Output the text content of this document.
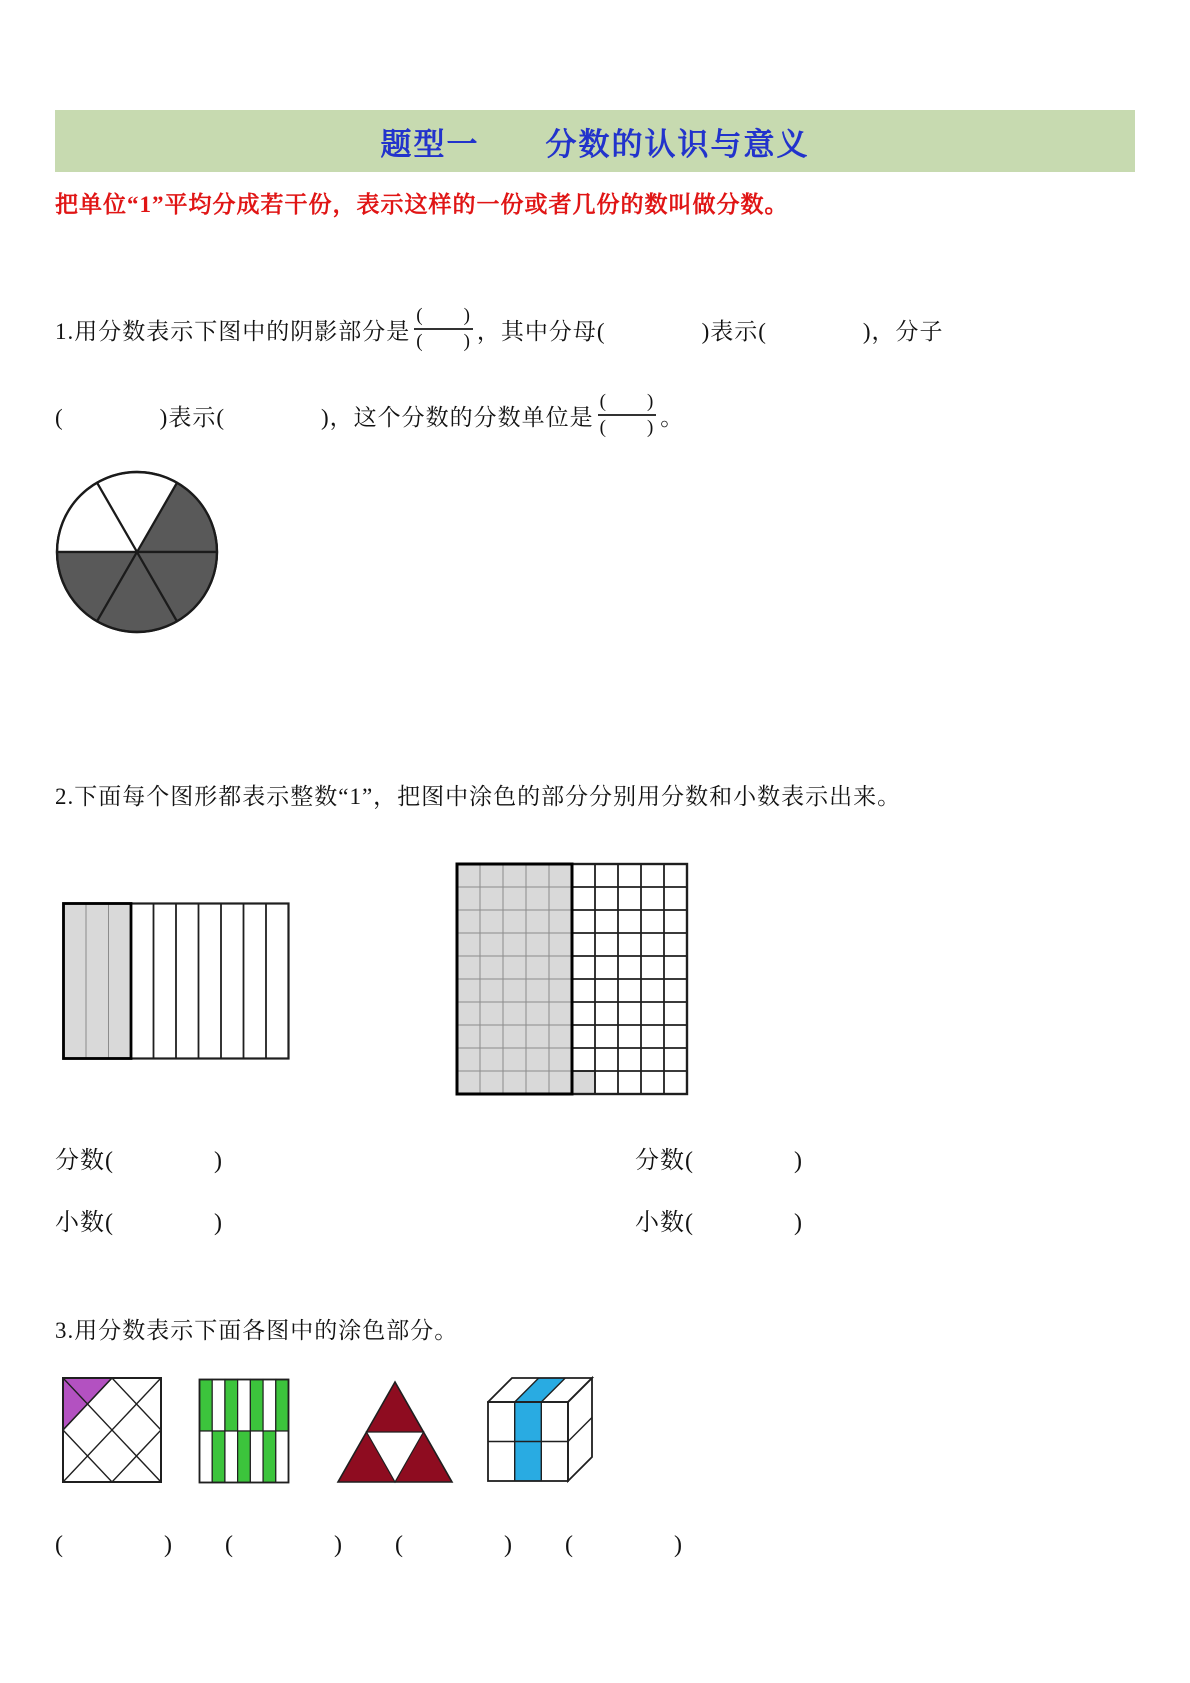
题型一　　分数的认识与意义
把单位“1”平均分成若干份，表示这样的一份或者几份的数叫做分数。
1.用分数表示下图中的阴影部分是 $\frac{( )}{( )}$ ，其中分母(　　　　)表示(　　　　)，分子
(　　　　)表示(　　　　)，这个分数的分数单位是 $\frac{( )}{( )}$ 。
2.下面每个图形都表示整数“1”，把图中涂色的部分分别用分数和小数表示出来。
分数(　　　　)	分数(　　　　)
小数(　　　　)	小数(　　　　)
3.用分数表示下面各图中的涂色部分。
(　　　　) (　　　　) (　　　　) (　　　　)
